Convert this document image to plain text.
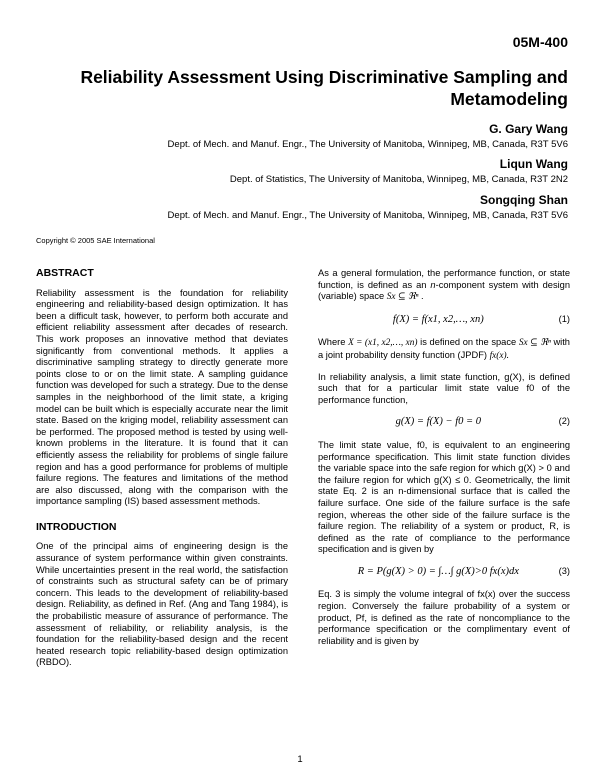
05M-400
Reliability Assessment Using Discriminative Sampling and Metamodeling
G. Gary Wang
Dept. of Mech. and Manuf. Engr., The University of Manitoba, Winnipeg, MB, Canada, R3T 5V6
Liqun Wang
Dept. of Statistics, The University of Manitoba, Winnipeg, MB, Canada, R3T 2N2
Songqing Shan
Dept. of Mech. and Manuf. Engr., The University of Manitoba, Winnipeg, MB, Canada, R3T 5V6
Copyright © 2005 SAE International
ABSTRACT

Reliability assessment is the foundation for reliability engineering and reliability-based design optimization. It has been a difficult task, however, to perform both accurate and efficient reliability assessment after decades of research. This work proposes an innovative method that deviates significantly from conventional methods. It applies a discriminative sampling strategy to directly generate more points close to or on the limit state. A sampling guidance function was developed for such a strategy. Due to the dense samples in the neighborhood of the limit state, a kriging model can be built which is especially accurate near the limit state. Based on the kriging model, reliability assessment can be performed. The proposed method is tested by using well-known problems in the literature. It is found that it can efficiently assess the reliability for problems of single failure region and has a good performance for problems of multiple failure regions. The features and limitations of the method are also discussed, along with the comparison with the importance sampling (IS) based assessment methods.

INTRODUCTION

One of the principal aims of engineering design is the assurance of system performance within given constraints. While uncertainties present in the real world, the satisfaction of constraints such as structural safety can be of primary concern. This leads to the development of reliability-based design. Reliability, as defined in Ref. (Ang and Tang 1984), is the probabilistic measure of assurance of performance. The assessment of reliability, or reliability analysis, is the foundation for the reliability-based design and the recent heated research topic reliability-based design optimization (RBDO).

As a general formulation, the performance function, or state function, is defined as an n-component system with design (variable) space Sx ⊆ ℜⁿ .

f(X) = f(x1, x2,…, xn)	(1)

Where X = (x1, x2,…, xn) is defined on the space Sx ⊆ ℜⁿ with a joint probability density function (JPDF) fx(x).

In reliability analysis, a limit state function, g(X), is defined such that for a particular limit state value f0 of the performance function,

g(X) = f(X) − f0 = 0	(2)

The limit state value, f0, is equivalent to an engineering performance specification. This limit state function divides the variable space into the safe region for which g(X) > 0 and the failure region for which g(X) ≤ 0. Geometrically, the limit state Eq. 2 is an n-dimensional surface that is called the failure surface. One side of the failure surface is the safe region, whereas the other side of the failure surface is the failure region. The reliability of a system or product, R, is defined as the rate of compliance to the performance specification and is given by

R = P(g(X) > 0) = ∫…∫ g(X)>0 fx(x)dx	(3)

Eq. 3 is simply the volume integral of fx(x) over the success region. Conversely the failure probability of a system or product, Pf, is defined as the rate of noncompliance to the performance specification or the complimentary event of reliability and is given by

1
